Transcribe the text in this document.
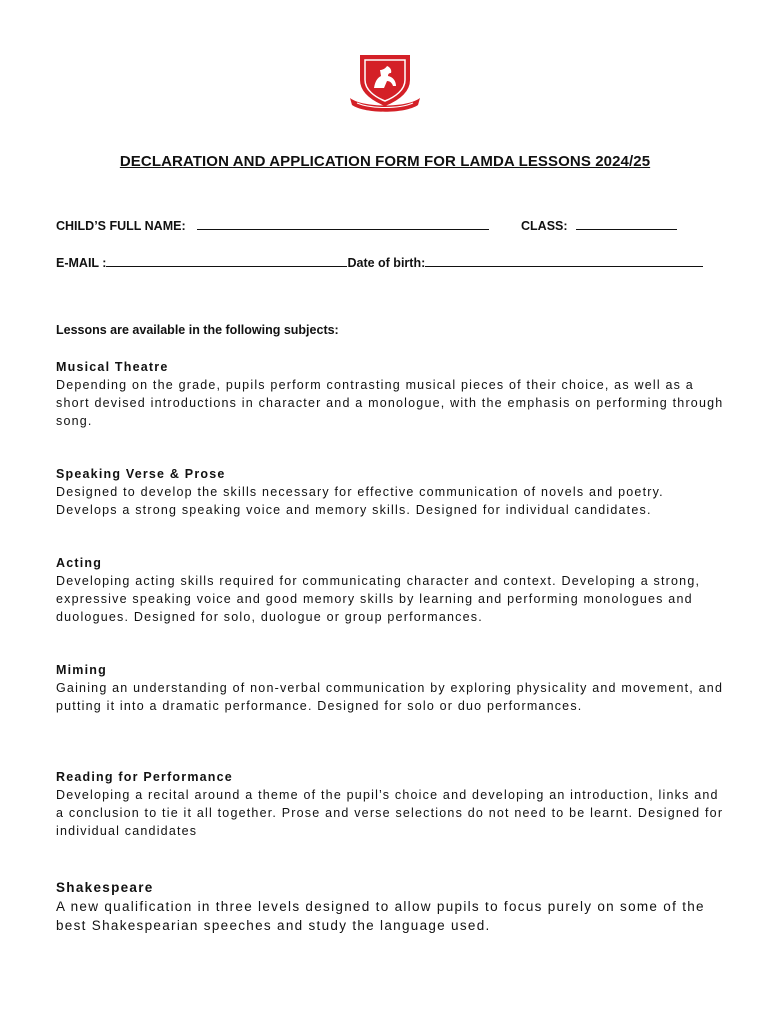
DECLARATION AND APPLICATION FORM FOR LAMDA LESSONS 2024/25
CHILD’S FULL NAME:	CLASS:
E-MAIL :	Date of birth:
Lessons are available in the following subjects:
Musical Theatre
Depending on the grade, pupils perform contrasting musical pieces of their choice, as well as a short devised introductions in character and a monologue, with the emphasis on performing through song.
Speaking Verse & Prose
Designed to develop the skills necessary for effective communication of novels and poetry. Develops a strong speaking voice and memory skills. Designed for individual candidates.
Acting
Developing acting skills required for communicating character and context. Developing a strong, expressive speaking voice and good memory skills by learning and performing monologues and duologues. Designed for solo, duologue or group performances.
Miming
Gaining an understanding of non-verbal communication by exploring physicality and movement, and putting it into a dramatic performance. Designed for solo or duo performances.
Reading for Performance
Developing a recital around a theme of the pupil’s choice and developing an introduction, links and a conclusion to tie it all together. Prose and verse selections do not need to be learnt. Designed for individual candidates
Shakespeare
A new qualification in three levels designed to allow pupils to focus purely on some of the best Shakespearian speeches and study the language used.
